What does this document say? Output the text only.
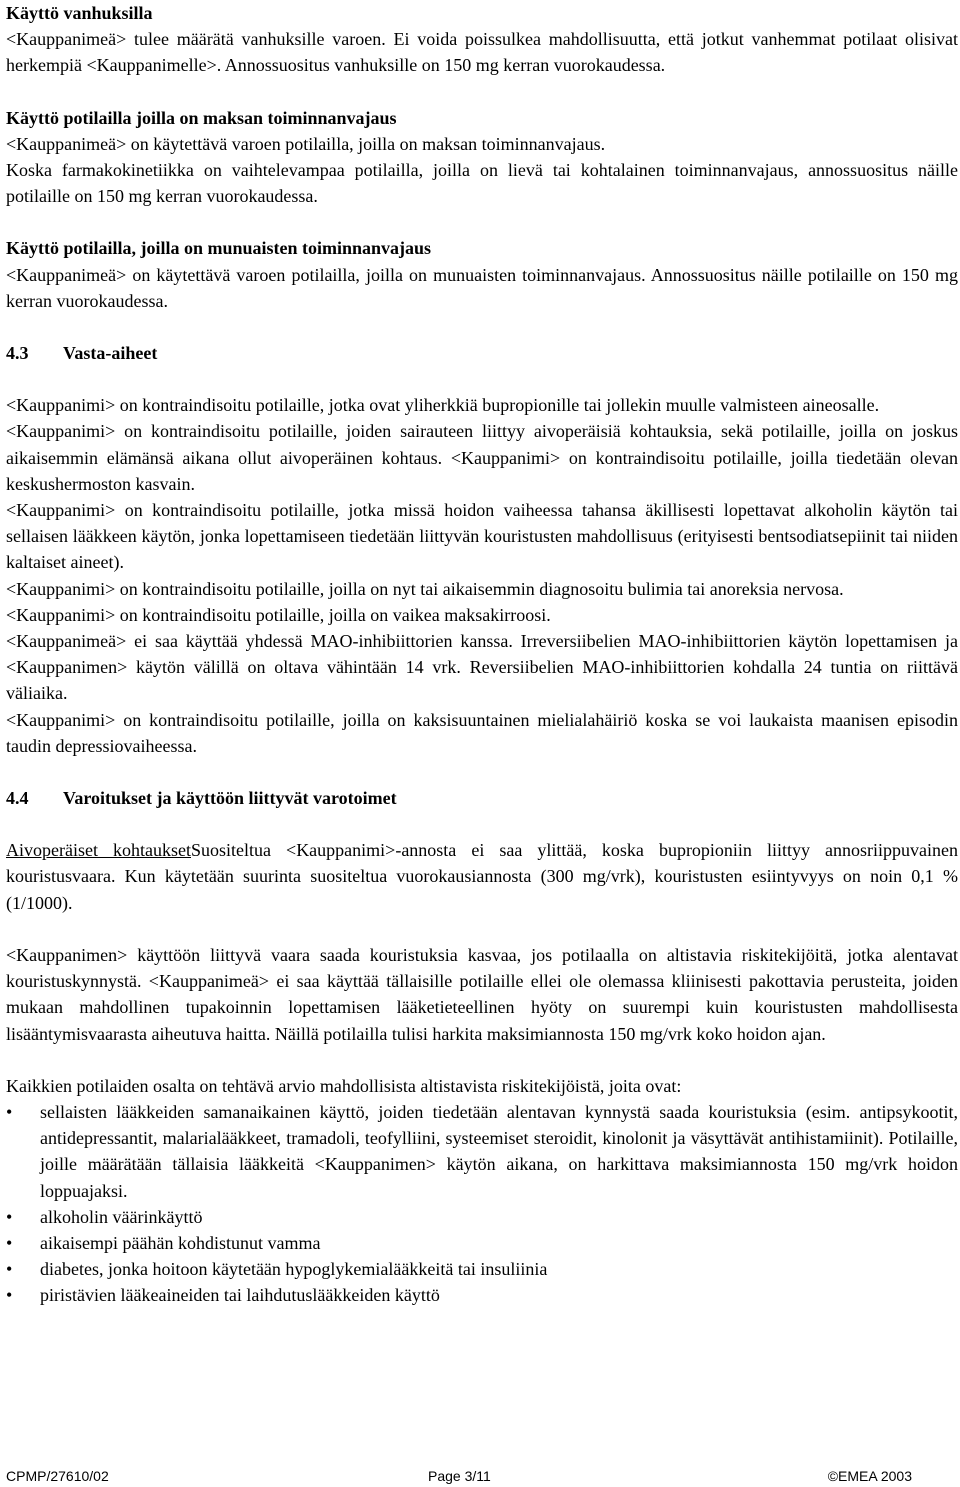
Käyttö vanhuksilla

<Kauppanimeä> tulee määrätä vanhuksille varoen. Ei voida poissulkea mahdollisuutta, että jotkut vanhemmat potilaat olisivat herkempiä <Kauppanimelle>. Annossuositus vanhuksille on 150 mg kerran vuorokaudessa.

Käyttö potilailla joilla on maksan toiminnanvajaus

<Kauppanimeä> on käytettävä varoen potilailla, joilla on maksan toiminnanvajaus.

Koska farmakokinetiikka on vaihtelevampaa potilailla, joilla on lievä tai kohtalainen toiminnanvajaus, annossuositus näille potilaille on 150 mg kerran vuorokaudessa.

Käyttö potilailla, joilla on munuaisten toiminnanvajaus

<Kauppanimeä> on käytettävä varoen potilailla, joilla on munuaisten toiminnanvajaus. Annossuositus näille potilaille on 150 mg kerran vuorokaudessa.

4.3 Vasta-aiheet

<Kauppanimi> on kontraindisoitu potilaille, jotka ovat yliherkkiä bupropionille tai jollekin muulle valmisteen aineosalle.

<Kauppanimi> on kontraindisoitu potilaille, joiden sairauteen liittyy aivoperäisiä kohtauksia, sekä potilaille, joilla on joskus aikaisemmin elämänsä aikana ollut aivoperäinen kohtaus. <Kauppanimi> on kontraindisoitu potilaille, joilla tiedetään olevan keskushermoston kasvain.

<Kauppanimi> on kontraindisoitu potilaille, jotka missä hoidon vaiheessa tahansa äkillisesti lopettavat alkoholin käytön tai sellaisen lääkkeen käytön, jonka lopettamiseen tiedetään liittyvän kouristusten mahdollisuus (erityisesti bentsodiatsepiinit tai niiden kaltaiset aineet).

<Kauppanimi> on kontraindisoitu potilaille, joilla on nyt tai aikaisemmin diagnosoitu bulimia tai anoreksia nervosa.

<Kauppanimi> on kontraindisoitu potilaille, joilla on vaikea maksakirroosi.

<Kauppanimeä> ei saa käyttää yhdessä MAO-inhibiittorien kanssa. Irreversiibelien MAO-inhibiittorien käytön lopettamisen ja <Kauppanimen> käytön välillä on oltava vähintään 14 vrk. Reversiibelien MAO-inhibiittorien kohdalla 24 tuntia on riittävä väliaika.

<Kauppanimi> on kontraindisoitu potilaille, joilla on kaksisuuntainen mielialahäiriö koska se voi laukaista maanisen episodin taudin depressiovaiheessa.

4.4 Varoitukset ja käyttöön liittyvät varotoimet

Aivoperäiset kohtauksetSuositeltua <Kauppanimi>-annosta ei saa ylittää, koska bupropioniin liittyy annosriippuvainen kouristusvaara. Kun käytetään suurinta suositeltua vuorokausiannosta (300 mg/vrk), kouristusten esiintyvyys on noin 0,1 % (1/1000).

<Kauppanimen> käyttöön liittyvä vaara saada kouristuksia kasvaa, jos potilaalla on altistavia riskitekijöitä, jotka alentavat kouristuskynnystä. <Kauppanimeä> ei saa käyttää tällaisille potilaille ellei ole olemassa kliinisesti pakottavia perusteita, joiden mukaan mahdollinen tupakoinnin lopettamisen lääketieteellinen hyöty on suurempi kuin kouristusten mahdollisesta lisääntymisvaarasta aiheutuva haitta. Näillä potilailla tulisi harkita maksimiannosta 150 mg/vrk koko hoidon ajan.

Kaikkien potilaiden osalta on tehtävä arvio mahdollisista altistavista riskitekijöistä, joita ovat:

• sellaisten lääkkeiden samanaikainen käyttö, joiden tiedetään alentavan kynnystä saada kouristuksia (esim. antipsykootit, antidepressantit, malarialääkkeet, tramadoli, teofylliini, systeemiset steroidit, kinolonit ja väsyttävät antihistamiinit). Potilaille, joille määrätään tällaisia lääkkeitä <Kauppanimen> käytön aikana, on harkittava maksimiannosta 150 mg/vrk hoidon loppuajaksi.
• alkoholin väärinkäyttö
• aikaisempi päähän kohdistunut vamma
• diabetes, jonka hoitoon käytetään hypoglykemialääkkeitä tai insuliinia
• piristävien lääkeaineiden tai laihdutuslääkkeiden käyttö
CPMP/27610/02	Page 3/11	©EMEA 2003
